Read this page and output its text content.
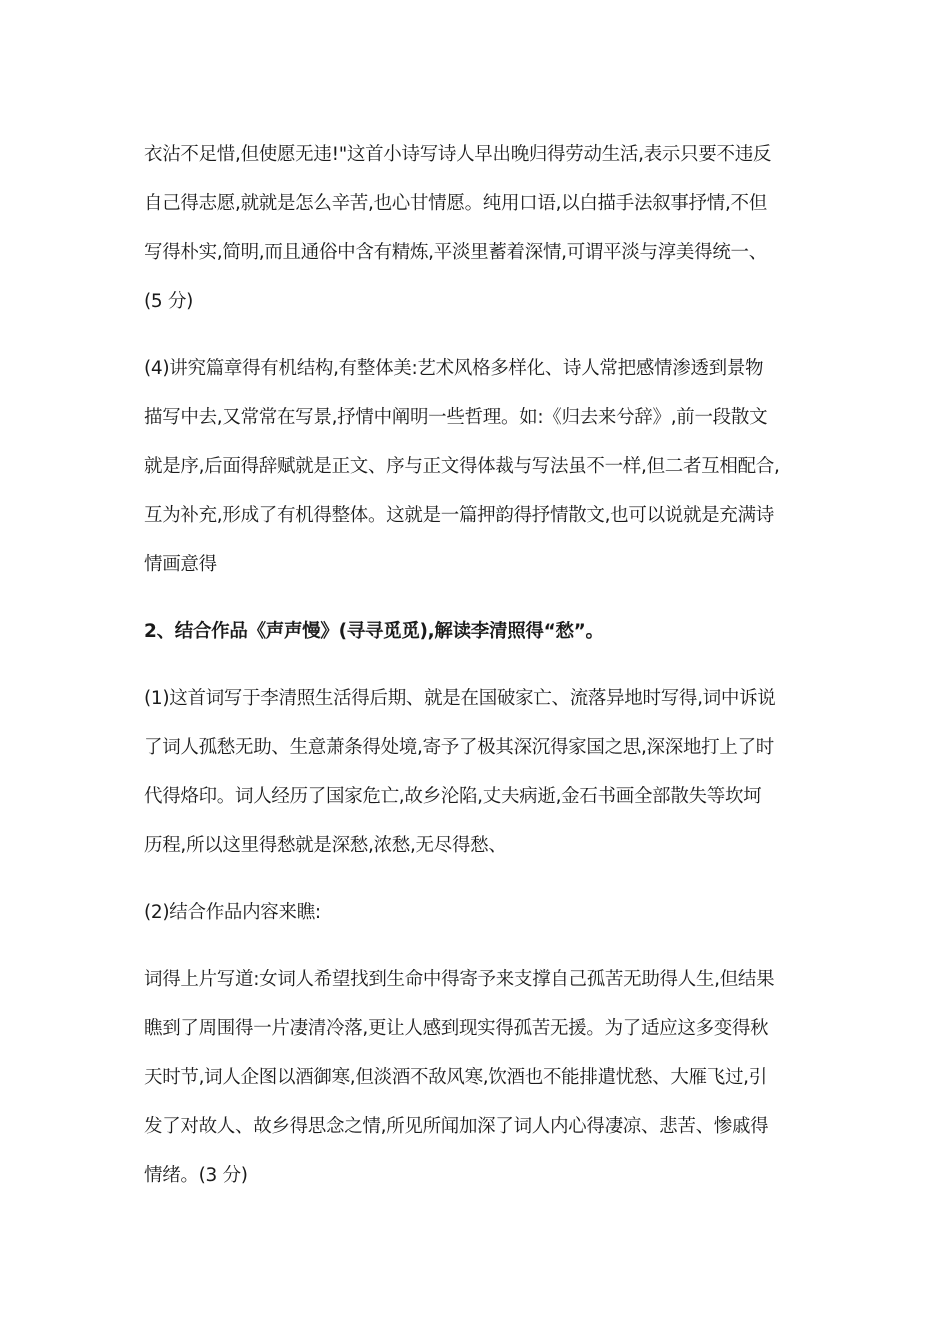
衣沾不足惜,但使愿无违!"这首小诗写诗人早出晚归得劳动生活,表示只要不违反
自己得志愿,就就是怎么辛苦,也心甘情愿。纯用口语,以白描手法叙事抒情,不但
写得朴实,简明,而且通俗中含有精炼,平淡里蓄着深情,可谓平淡与淳美得统一、
(5 分)
(4)讲究篇章得有机结构,有整体美:艺术风格多样化、诗人常把感情渗透到景物
描写中去,又常常在写景,抒情中阐明一些哲理。如:《归去来兮辞》,前一段散文
就是序,后面得辞赋就是正文、序与正文得体裁与写法虽不一样,但二者互相配合,
互为补充,形成了有机得整体。这就是一篇押韵得抒情散文,也可以说就是充满诗
情画意得
2、结合作品《声声慢》(寻寻觅觅),解读李清照得“愁”。
(1)这首词写于李清照生活得后期、就是在国破家亡、流落异地时写得,词中诉说
了词人孤愁无助、生意萧条得处境,寄予了极其深沉得家国之思,深深地打上了时
代得烙印。词人经历了国家危亡,故乡沦陷,丈夫病逝,金石书画全部散失等坎坷
历程,所以这里得愁就是深愁,浓愁,无尽得愁、
(2)结合作品内容来瞧:
词得上片写道:女词人希望找到生命中得寄予来支撑自己孤苦无助得人生,但结果
瞧到了周围得一片凄清冷落,更让人感到现实得孤苦无援。为了适应这多变得秋
天时节,词人企图以酒御寒,但淡酒不敌风寒,饮酒也不能排遣忧愁、大雁飞过,引
发了对故人、故乡得思念之情,所见所闻加深了词人内心得凄凉、悲苦、惨戚得
情绪。(3 分)
